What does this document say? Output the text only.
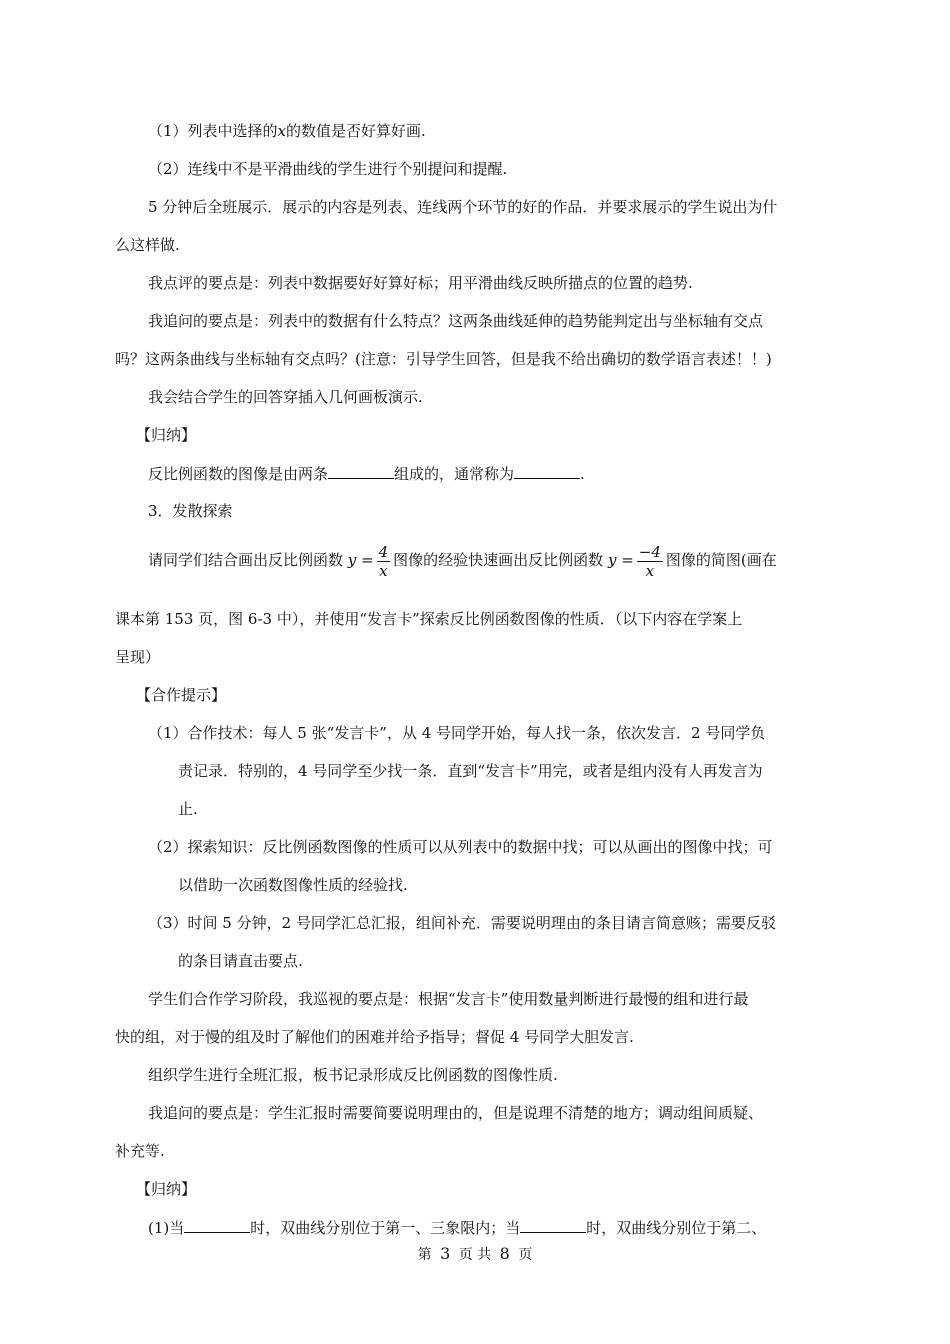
（1）列表中选择的x的数值是否好算好画.
（2）连线中不是平滑曲线的学生进行个别提问和提醒.
5 分钟后全班展示．展示的内容是列表、连线两个环节的好的作品．并要求展示的学生说出为什
么这样做.
我点评的要点是：列表中数据要好好算好标；用平滑曲线反映所描点的位置的趋势.
我追问的要点是：列表中的数据有什么特点？这两条曲线延伸的趋势能判定出与坐标轴有交点
吗？这两条曲线与坐标轴有交点吗？(注意：引导学生回答，但是我不给出确切的数学语言表述！！)
我会结合学生的回答穿插入几何画板演示.
【归纳】
反比例函数的图像是由两条	组成的，通常称为	.
3．发散探索
请同学们结合画出反比例函数 $y = \frac{4}{x}$ 图像的经验快速画出反比例函数 $y = \frac{-4}{x}$ 图像的简图(画在
课本第 153 页，图 6-3 中），并使用“发言卡”探索反比例函数图像的性质．（以下内容在学案上
呈现）
【合作提示】
（1）合作技术：每人 5 张“发言卡”，从 4 号同学开始，每人找一条，依次发言．2 号同学负
责记录．特别的，4 号同学至少找一条．直到“发言卡”用完，或者是组内没有人再发言为
止.
（2）探索知识：反比例函数图像的性质可以从列表中的数据中找；可以从画出的图像中找；可
以借助一次函数图像性质的经验找.
（3）时间 5 分钟，2 号同学汇总汇报，组间补充．需要说明理由的条目请言简意赅；需要反驳
的条目请直击要点.
学生们合作学习阶段，我巡视的要点是：根据“发言卡”使用数量判断进行最慢的组和进行最
快的组，对于慢的组及时了解他们的困难并给予指导；督促 4 号同学大胆发言.
组织学生进行全班汇报，板书记录形成反比例函数的图像性质.
我追问的要点是：学生汇报时需要简要说明理由的，但是说理不清楚的地方；调动组间质疑、
补充等.
【归纳】
(1)当	时，双曲线分别位于第一、三象限内；当	时，双曲线分别位于第二、
第 3 页 共 8 页
